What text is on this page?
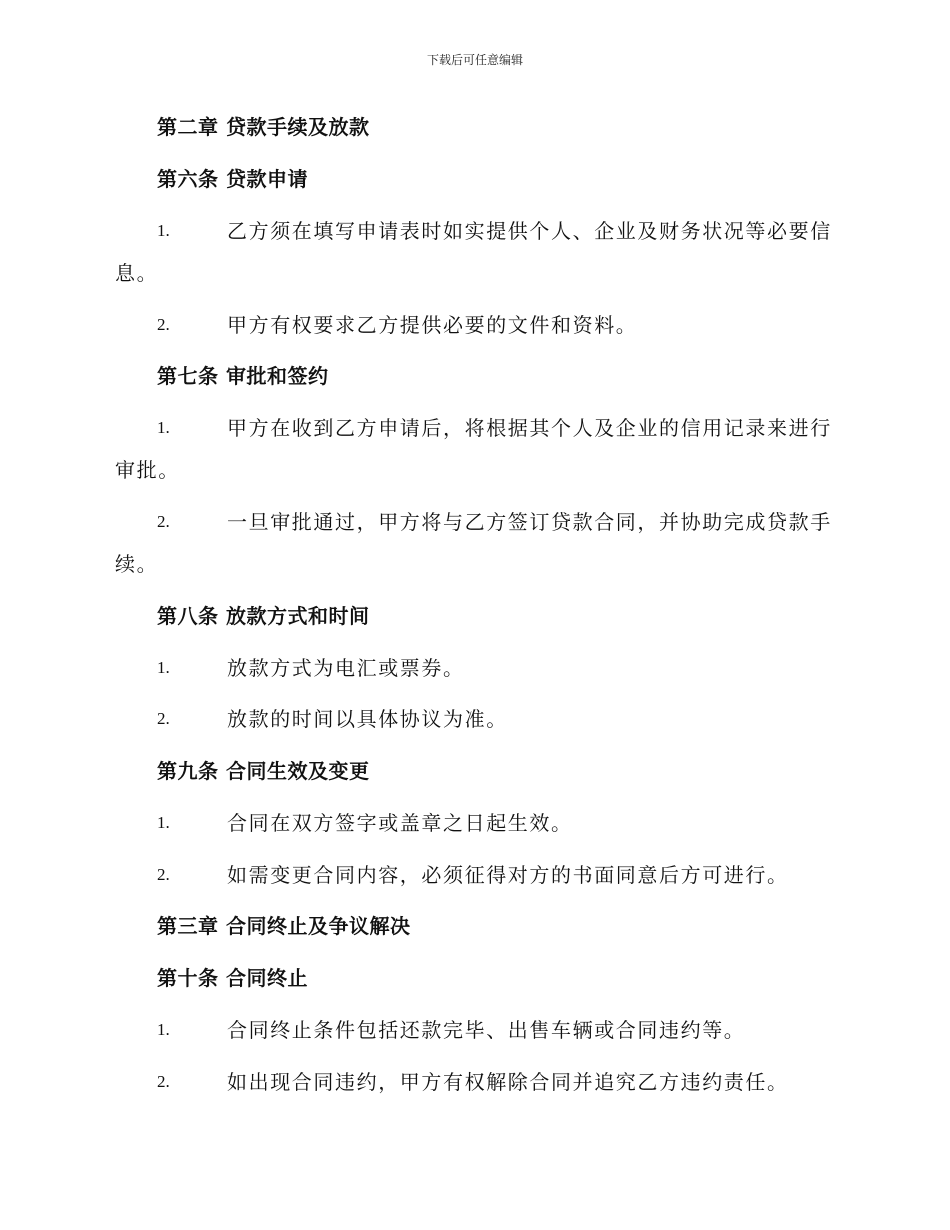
下载后可任意编辑
第二章 贷款手续及放款
第六条 贷款申请
1.	乙方须在填写申请表时如实提供个人、企业及财务状况等必要信
息。
2.	甲方有权要求乙方提供必要的文件和资料。
第七条 审批和签约
1.	甲方在收到乙方申请后，将根据其个人及企业的信用记录来进行
审批。
2.	一旦审批通过，甲方将与乙方签订贷款合同，并协助完成贷款手
续。
第八条 放款方式和时间
1.	放款方式为电汇或票券。
2.	放款的时间以具体协议为准。
第九条 合同生效及变更
1.	合同在双方签字或盖章之日起生效。
2.	如需变更合同内容，必须征得对方的书面同意后方可进行。
第三章 合同终止及争议解决
第十条 合同终止
1.	合同终止条件包括还款完毕、出售车辆或合同违约等。
2.	如出现合同违约，甲方有权解除合同并追究乙方违约责任。
